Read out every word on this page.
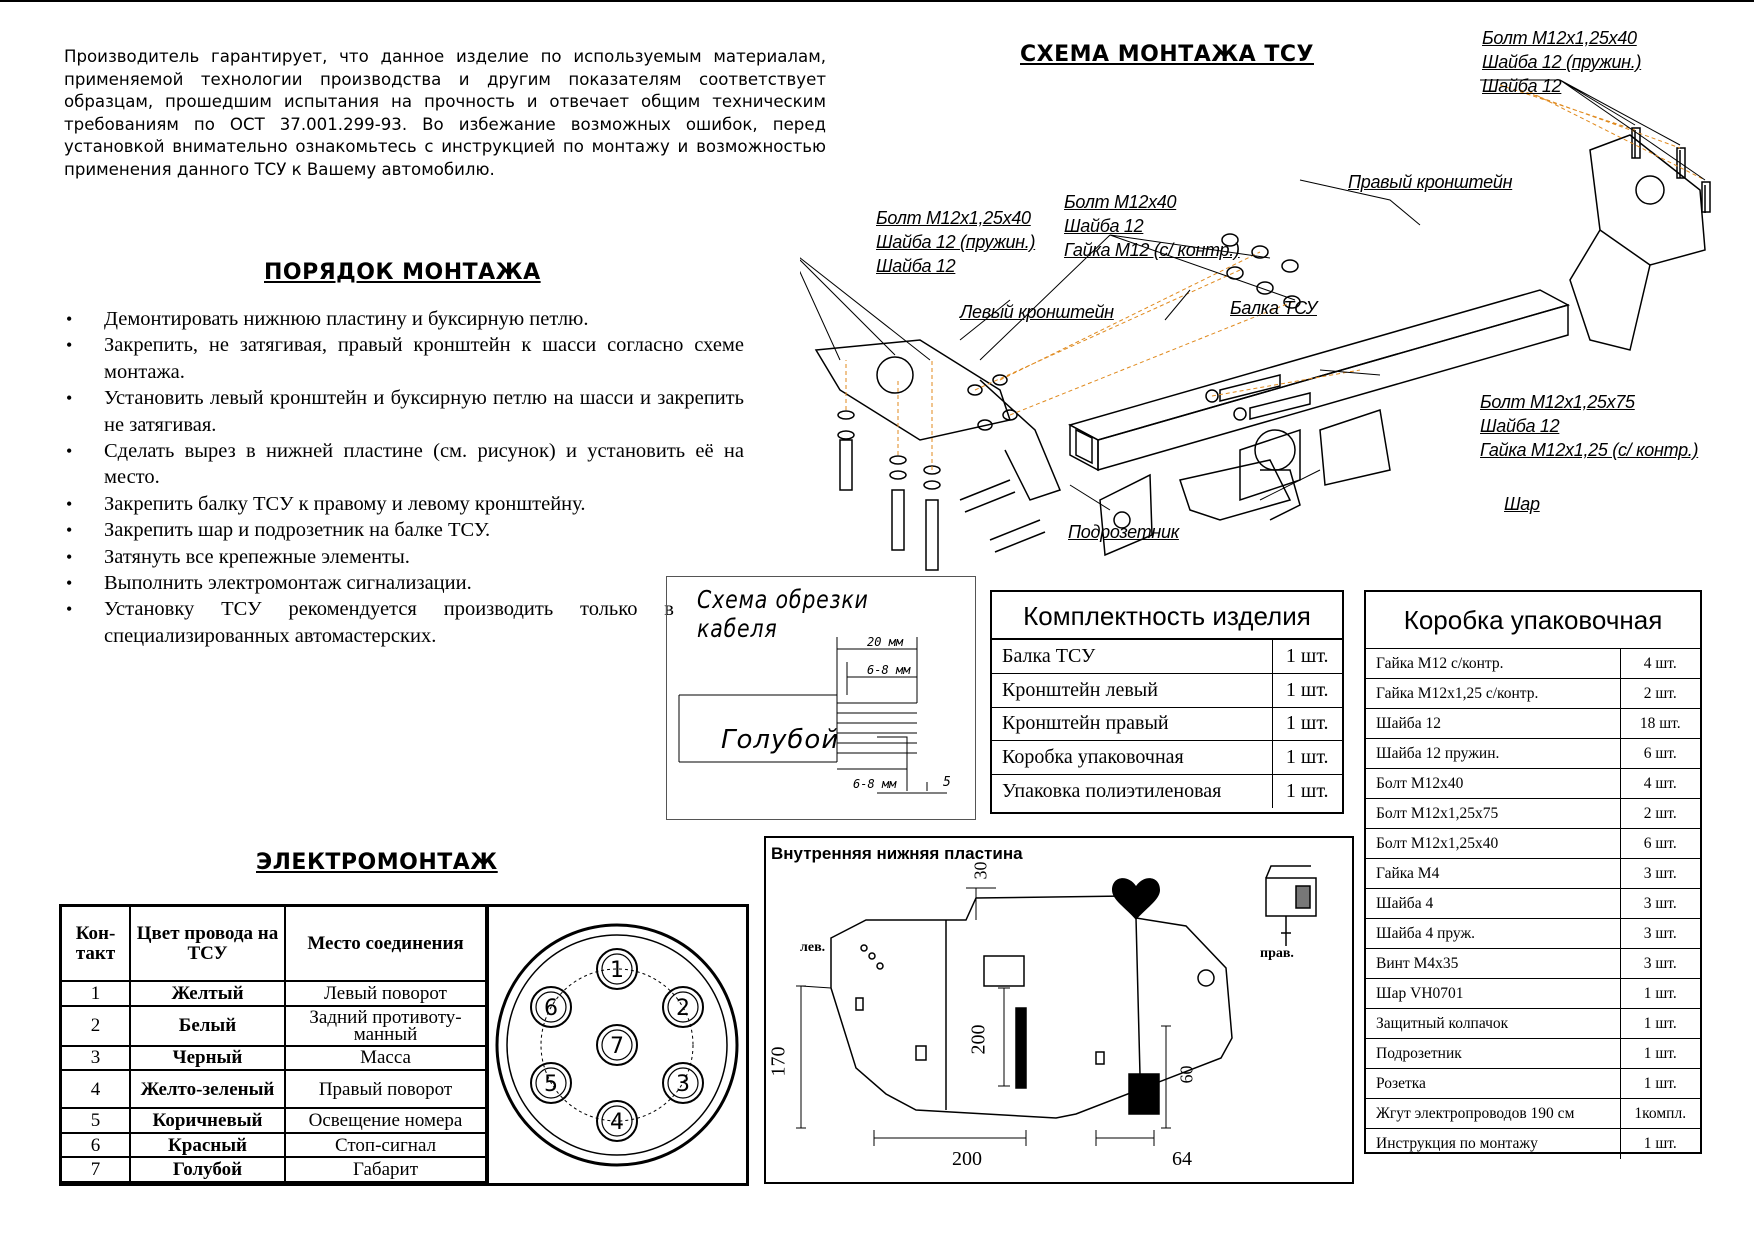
Производитель гарантирует, что данное изделие по используемым материалам, применяемой технологии производства и другим показателям соответствует образцам, прошедшим испытания на прочность и отвечает общим техническим требованиям по ОСТ 37.001.299-93. Во избежание возможных ошибок, перед установкой внимательно ознакомьтесь с инструкцией по монтажу и возможностью применения данного ТСУ к Вашему автомобилю.

ПОРЯДОК МОНТАЖА
• Демонтировать нижнюю пластину и буксирную петлю.
• Закрепить, не затягивая, правый кронштейн к шасси согласно схеме монтажа.
• Установить левый кронштейн и буксирную петлю на шасси и закрепить не затягивая.
• Сделать вырез в нижней пластине (см. рисунок) и установить её на место.
• Закрепить балку ТСУ к правому и левому кронштейну.
• Закрепить шар и подрозетник на балке ТСУ.
• Затянуть все крепежные элементы.
• Выполнить электромонтаж сигнализации.
• Установку ТСУ рекомендуется производить только в специализированных автомастерских.
СХЕМА МОНТАЖА ТСУ
Болт М12х1,25х40
Шайба 12 (пружин.)
Шайба 12
Болт М12х1,25х40
Шайба 12 (пружин.)
Шайба 12
Болт М12х40
Шайба 12
Гайка М12 (с/ контр.)
Болт М12х1,25х75
Шайба 12
Гайка М12х1,25 (с/ контр.)
Правый кронштейн
Левый кронштейн	Балка ТСУ
Шар
Подрозетник
Схема обрезки кабеля	20 мм
6-8 мм
6-8 мм	5
Голубой
Комплектность изделия
Балка ТСУ	1 шт.
Кронштейн левый	1 шт.
Кронштейн правый	1 шт.
Коробка упаковочная	1 шт.
Упаковка полиэтиленовая	1 шт.
Коробка упаковочная
Гайка М12 с/контр.	4 шт.
Гайка М12х1,25 с/контр.	2 шт.
Шайба 12	18 шт.
Шайба 12 пружин.	6 шт.
Болт М12х40	4 шт.
Болт М12х1,25х75	2 шт.
Болт М12х1,25х40	6 шт.
Гайка М4	3 шт.
Шайба 4	3 шт.
Шайба 4 пруж.	3 шт.
Винт М4х35	3 шт.
Шар VH0701	1 шт.
Защитный колпачок	1 шт.
Подрозетник	1 шт.
Розетка	1 шт.
Жгут электропроводов 190 см	1компл.
Инструкция по монтажу	1 шт.
Внутренняя нижняя пластина
лев.	прав.
30
170
200
60
200	64
ЭЛЕКТРОМОНТАЖ
Кон-такт	Цвет провода на ТСУ	Место соединения
1	Желтый	Левый поворот
2	Белый	Задний противоту-манный
3	Черный	Масса
4	Желто-зеленый	Правый поворот
5	Коричневый	Освещение номера
6	Красный	Стоп-сигнал
7	Голубой	Габарит
1
2
3
4
5
6
7
